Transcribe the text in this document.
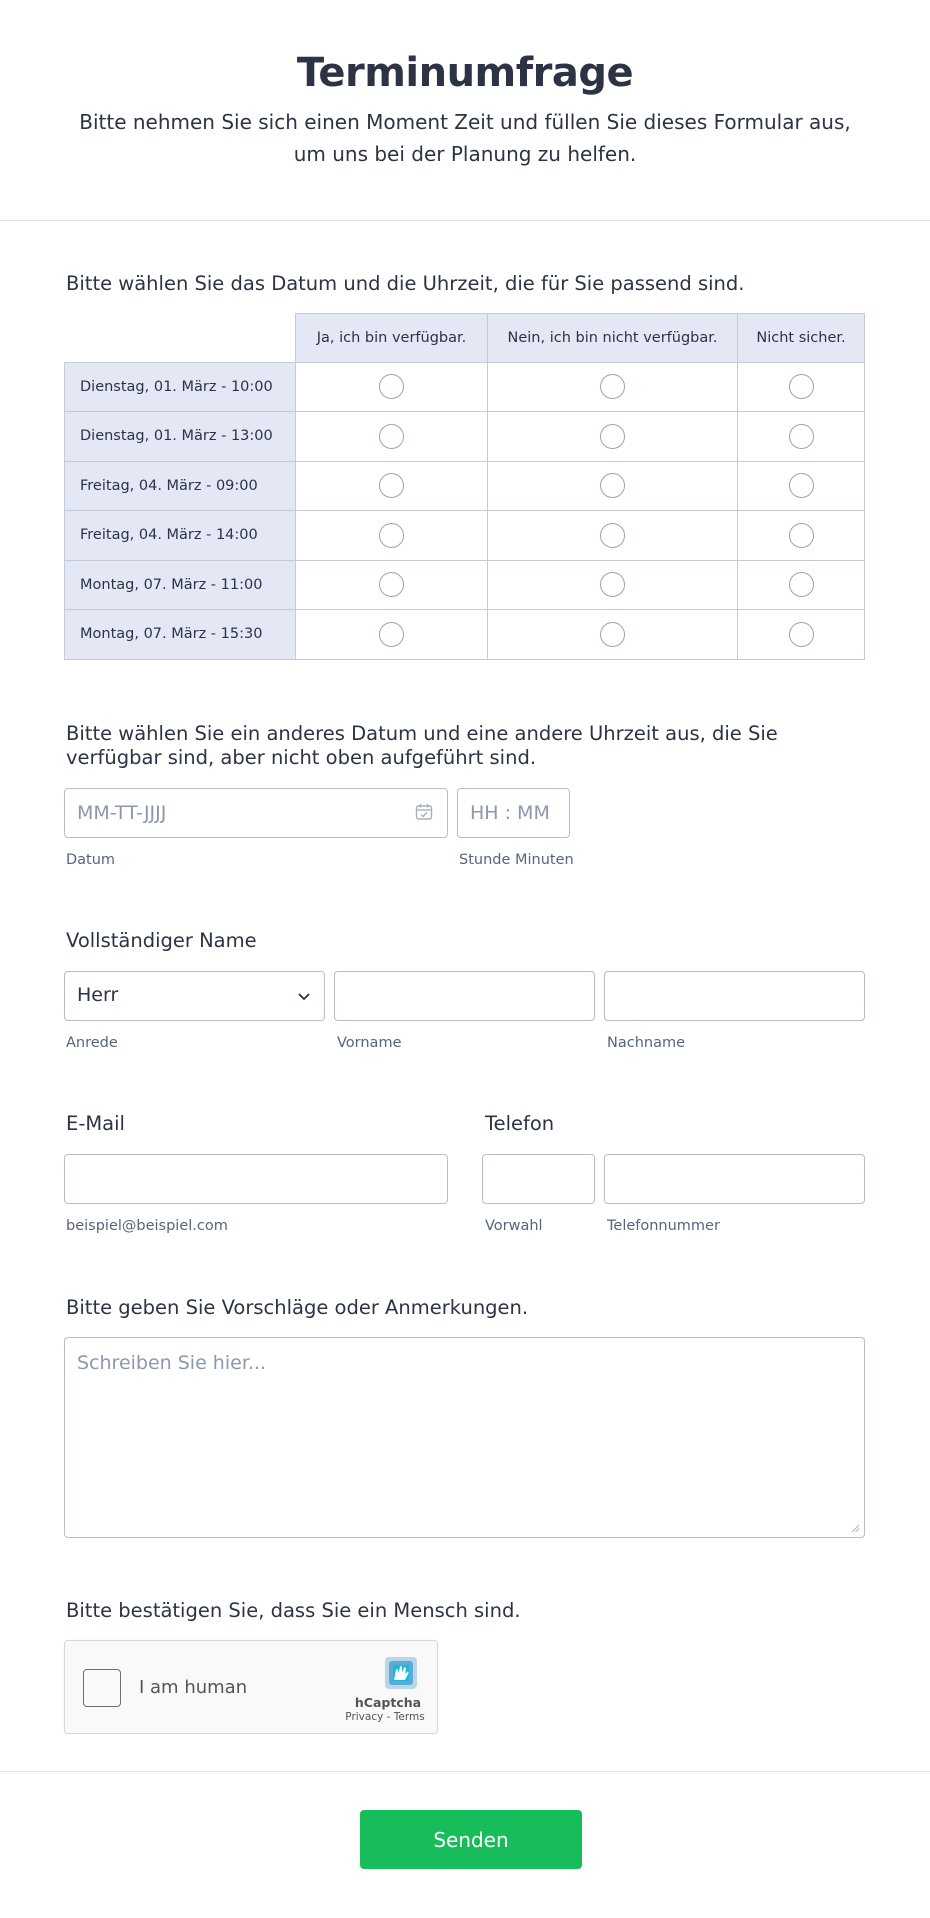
Terminumfrage
Bitte nehmen Sie sich einen Moment Zeit und füllen Sie dieses Formular aus, um uns bei der Planung zu helfen.
Bitte wählen Sie das Datum und die Uhrzeit, die für Sie passend sind.
Ja, ich bin verfügbar.	Nein, ich bin nicht verfügbar.	Nicht sicher.
Dienstag, 01. März - 10:00
Dienstag, 01. März - 13:00
Freitag, 04. März - 09:00
Freitag, 04. März - 14:00
Montag, 07. März - 11:00
Montag, 07. März - 15:30
Bitte wählen Sie ein anderes Datum und eine andere Uhrzeit aus, die Sie verfügbar sind, aber nicht oben aufgeführt sind.
MM-TT-JJJJ
Datum
HH : MM
Stunde Minuten
Vollständiger Name
Herr
Anrede	Vorname	Nachname
E-Mail
beispiel@beispiel.com
Telefon
Vorwahl	Telefonnummer
Bitte geben Sie Vorschläge oder Anmerkungen.
Schreiben Sie hier...
Bitte bestätigen Sie, dass Sie ein Mensch sind.
I am human
hCaptcha
Privacy - Terms
Senden
